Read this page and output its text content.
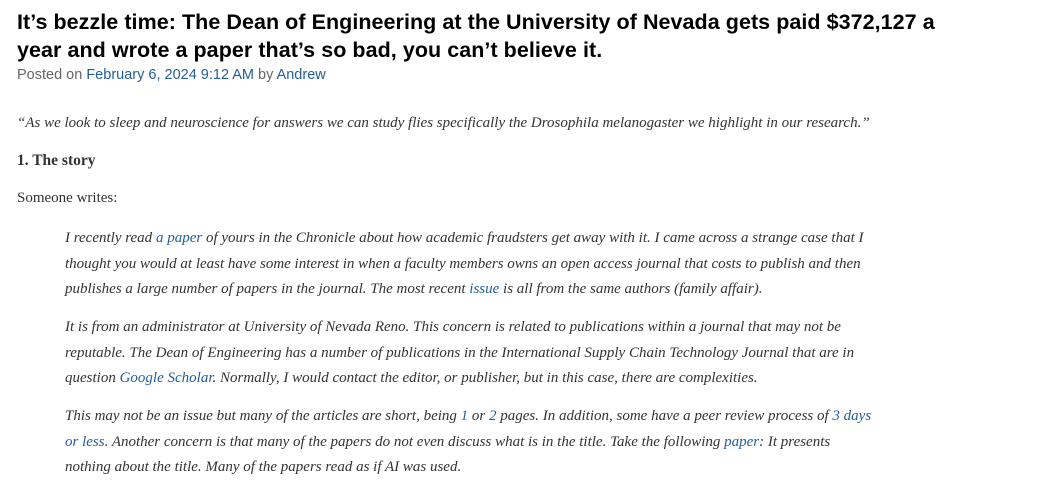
It’s bezzle time: The Dean of Engineering at the University of Nevada gets paid $372,127 a
year and wrote a paper that’s so bad, you can’t believe it.
Posted on February 6, 2024 9:12 AM by Andrew

“As we look to sleep and neuroscience for answers we can study flies specifically the Drosophila melanogaster we highlight in our research.”

1. The story

Someone writes:

I recently read a paper of yours in the Chronicle about how academic fraudsters get away with it. I came across a strange case that I
thought you would at least have some interest in when a faculty members owns an open access journal that costs to publish and then
publishes a large number of papers in the journal. The most recent issue is all from the same authors (family affair).
It is from an administrator at University of Nevada Reno. This concern is related to publications within a journal that may not be
reputable. The Dean of Engineering has a number of publications in the International Supply Chain Technology Journal that are in
question Google Scholar. Normally, I would contact the editor, or publisher, but in this case, there are complexities.
This may not be an issue but many of the articles are short, being 1 or 2 pages. In addition, some have a peer review process of 3 days
or less. Another concern is that many of the papers do not even discuss what is in the title. Take the following paper: It presents
nothing about the title. Many of the papers read as if AI was used.
